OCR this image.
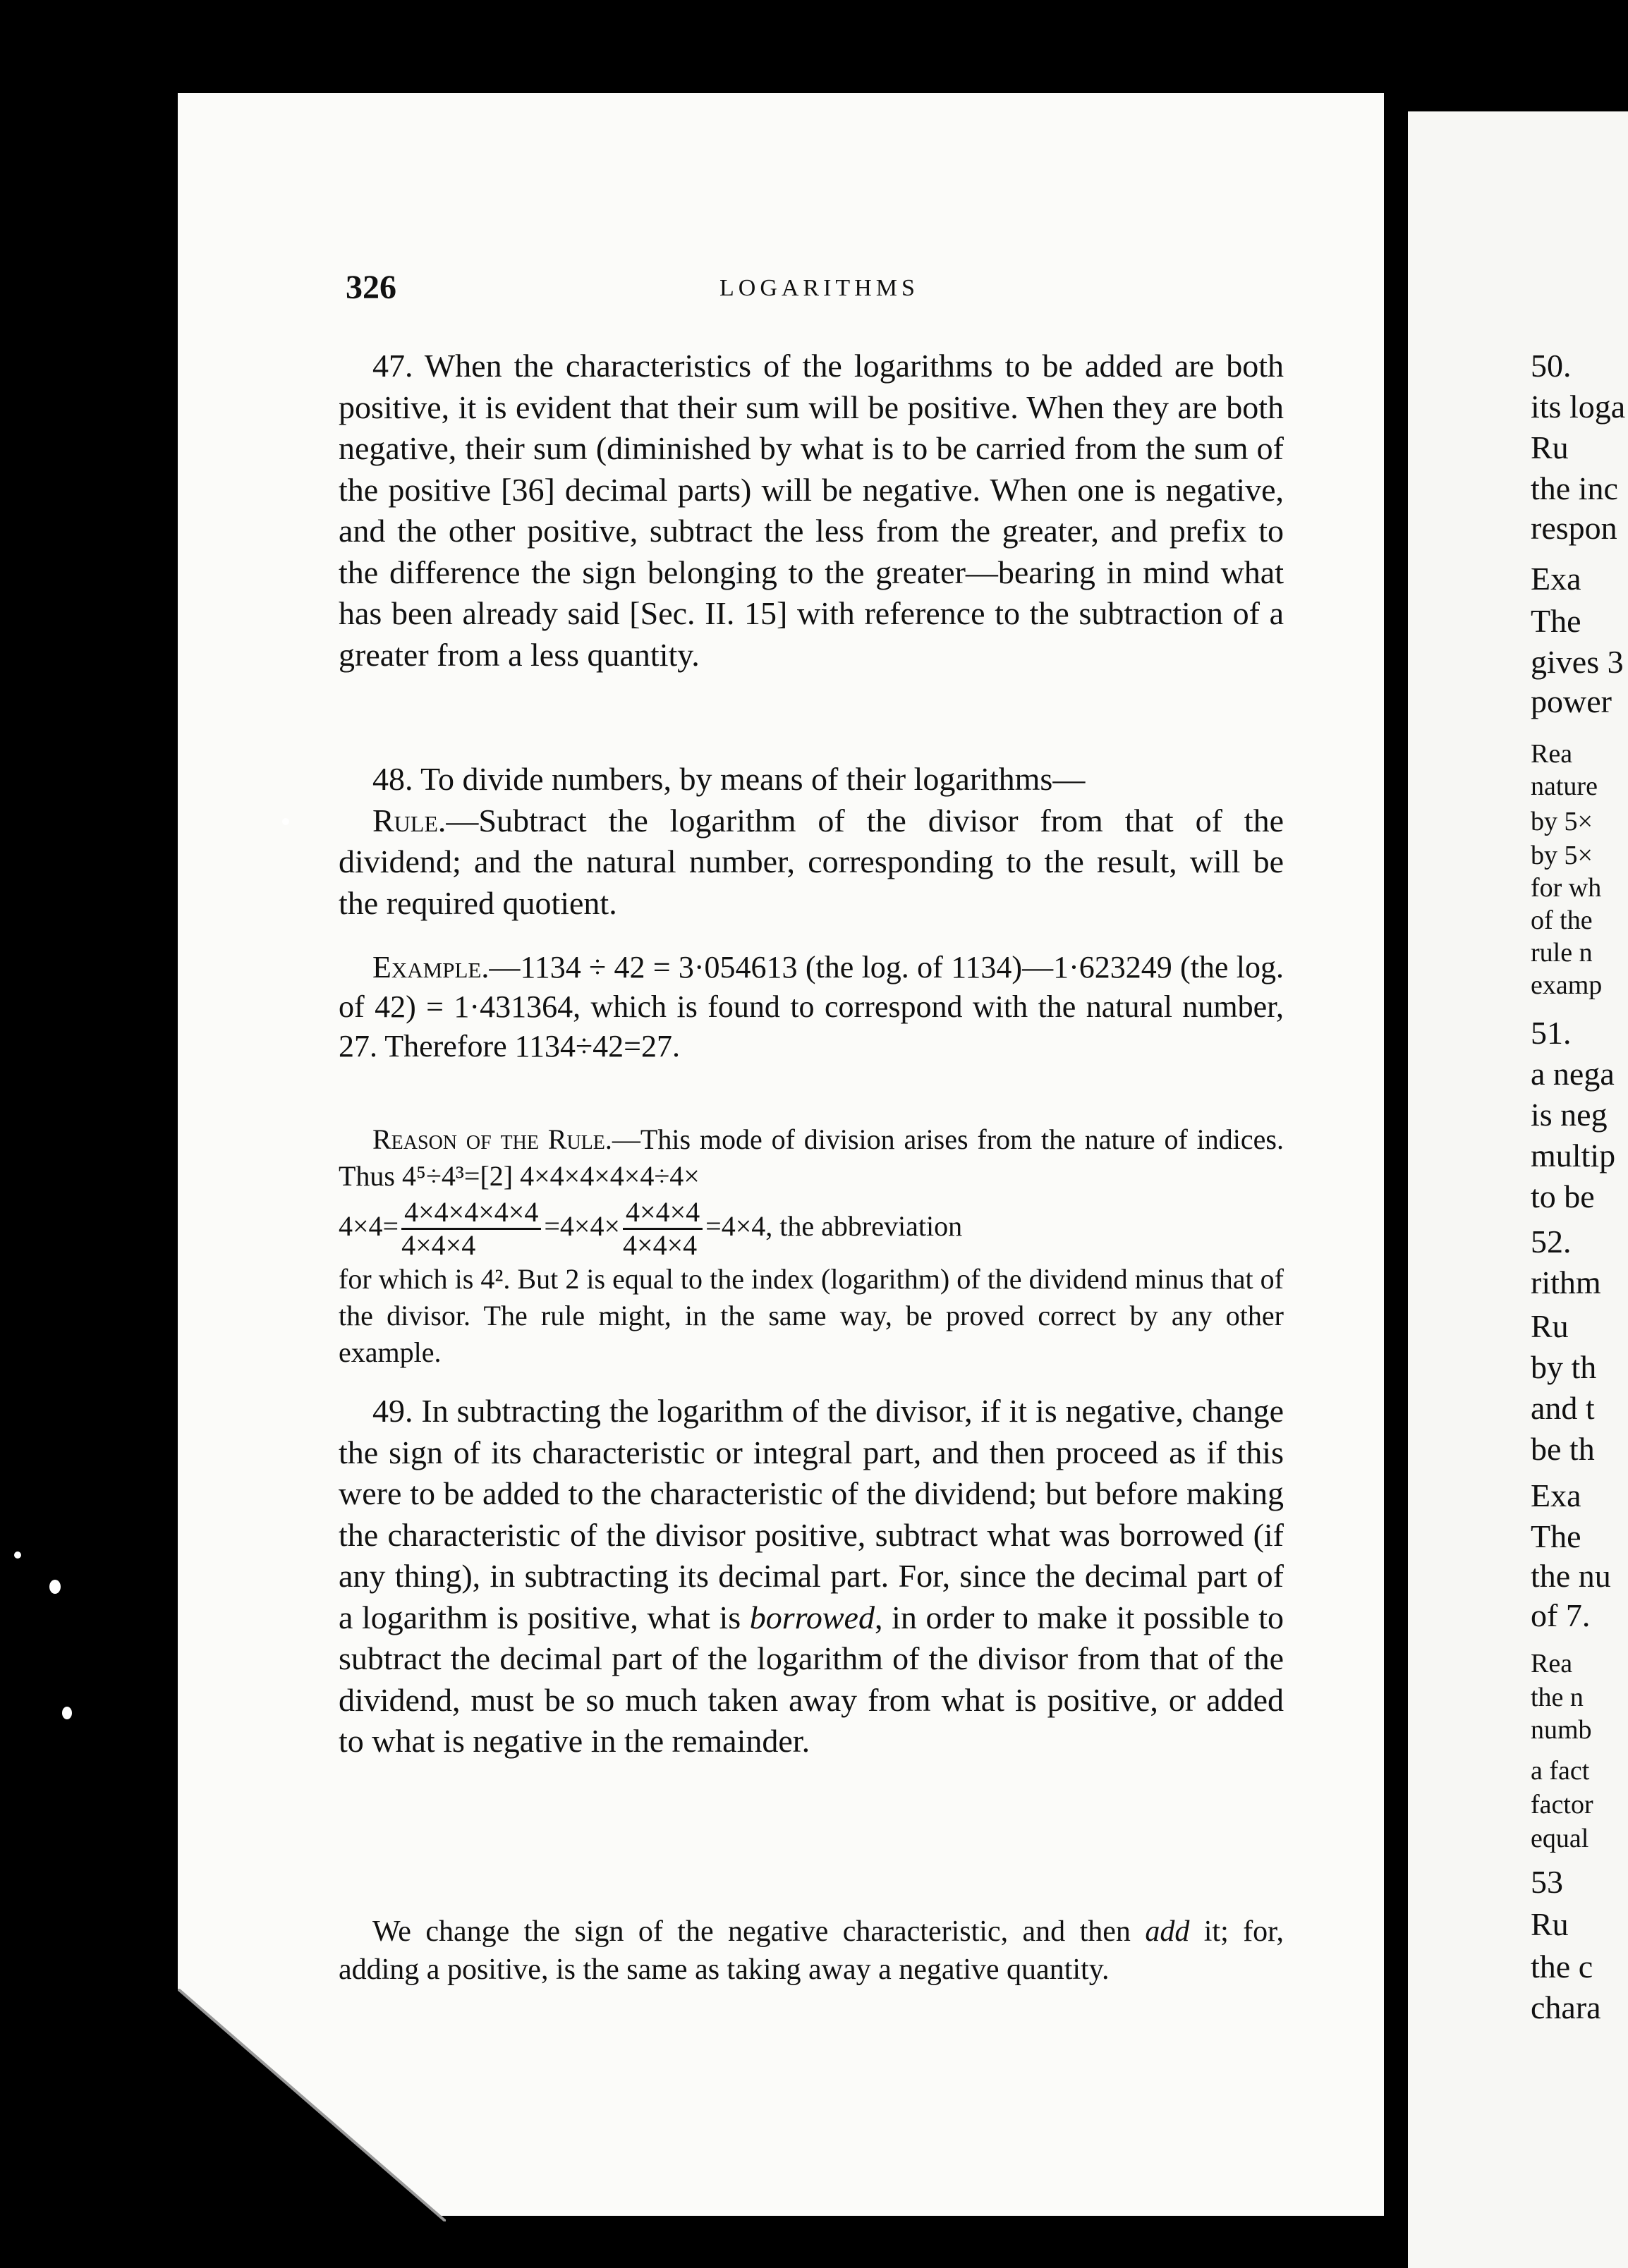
326	LOGARITHMS

47. When the characteristics of the logarithms to be added are both positive, it is evident that their sum will be positive. When they are both negative, their sum (diminished by what is to be carried from the sum of the positive [36] decimal parts) will be negative. When one is negative, and the other positive, subtract the less from the greater, and prefix to the difference the sign belonging to the greater—bearing in mind what has been already said [Sec. II. 15] with reference to the subtraction of a greater from a less quantity.

48. To divide numbers, by means of their logarithms—

Rule.—Subtract the logarithm of the divisor from that of the dividend; and the natural number, corresponding to the result, will be the required quotient.

Example.—1134 ÷ 42 = 3·054613 (the log. of 1134)—1·623249 (the log. of 42) = 1·431364, which is found to correspond with the natural number, 27. Therefore 1134÷42=27.

Reason of the Rule.—This mode of division arises from the nature of indices. Thus 4⁵÷4³=[2] 4×4×4×4×4÷4×

$4\times 4= \frac{4\times 4\times 4\times 4\times 4}{4\times 4\times 4} =4\times 4\times \frac{4\times 4\times 4}{4\times 4\times 4} =4\times 4$, the abbreviation

for which is 4². But 2 is equal to the index (logarithm) of the dividend minus that of the divisor. The rule might, in the same way, be proved correct by any other example.

49. In subtracting the logarithm of the divisor, if it is negative, change the sign of its characteristic or integral part, and then proceed as if this were to be added to the characteristic of the dividend; but before making the characteristic of the divisor positive, subtract what was borrowed (if any thing), in subtracting its decimal part. For, since the decimal part of a logarithm is positive, what is borrowed, in order to make it possible to subtract the decimal part of the logarithm of the divisor from that of the dividend, must be so much taken away from what is positive, or added to what is negative in the remainder.

We change the sign of the negative characteristic, and then add it; for, adding a positive, is the same as taking away a negative quantity.

50.
its loga
Ru
the inc
respon
Exa
The
gives 3
power
Rea
nature
by 5×
by 5×
for wh
of the
rule n
examp
51.
a nega
is neg
multip
to be
52.
rithm
Ru
by th
and t
be th
Exa
The
the nu
of 7.
Rea
the n
numb
a fact
factor
equal
53
Ru
the c
chara
